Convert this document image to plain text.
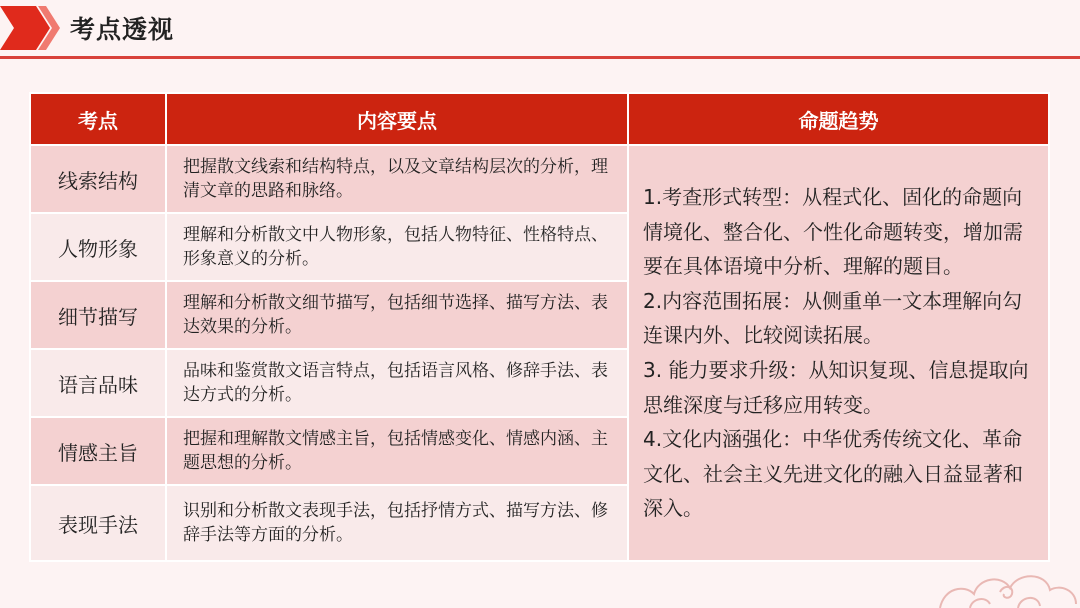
考点透视
考点	内容要点	命题趋势
线索结构	把握散文线索和结构特点，以及文章结构层次的分析，理清文章的思路和脉络。	1.考查形式转型：从程式化、固化的命题向情境化、整合化、个性化命题转变，增加需要在具体语境中分析、理解的题目。

2.内容范围拓展：从侧重单一文本理解向勾连课内外、比较阅读拓展。

3. 能力要求升级：从知识复现、信息提取向思维深度与迁移应用转变。

4.文化内涵强化：中华优秀传统文化、革命文化、社会主义先进文化的融入日益显著和深入。

人物形象	理解和分析散文中人物形象，包括人物特征、性格特点、形象意义的分析。	
细节描写	理解和分析散文细节描写，包括细节选择、描写方法、表达效果的分析。	
语言品味	品味和鉴赏散文语言特点，包括语言风格、修辞手法、表达方式的分析。	
情感主旨	把握和理解散文情感主旨，包括情感变化、情感内涵、主题思想的分析。	
表现手法	识别和分析散文表现手法，包括抒情方式、描写方法、修辞手法等方面的分析。	
